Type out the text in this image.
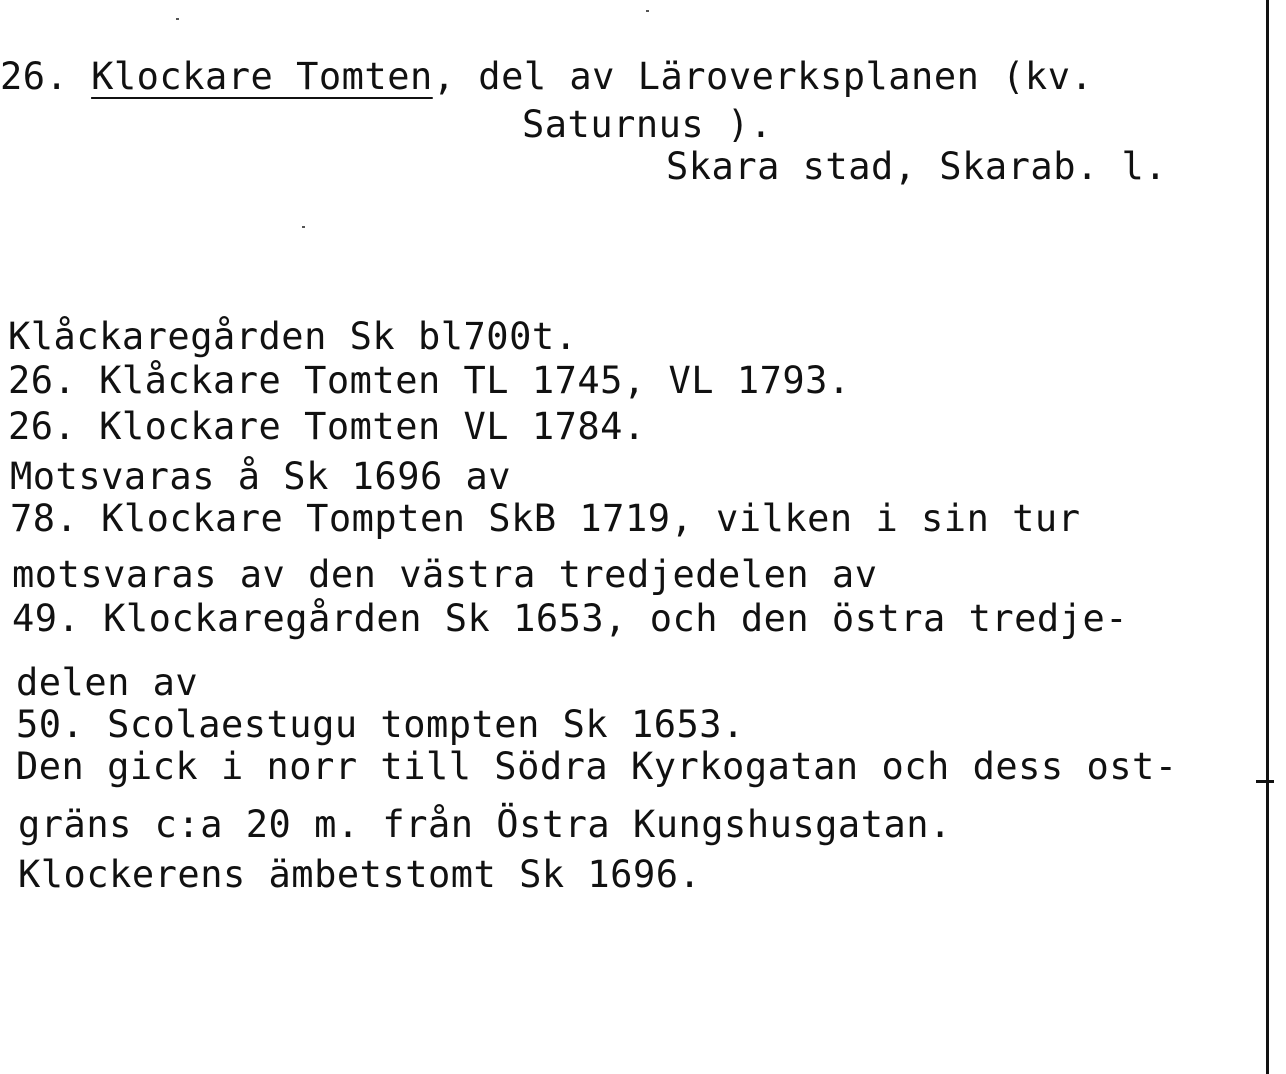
26. Klockare Tomten, del av Läroverksplanen (kv.
Saturnus ).
Skara stad, Skarab. l.
Klåckaregården Sk bl700t.
26. Klåckare Tomten TL 1745, VL 1793.
26. Klockare Tomten VL 1784.
Motsvaras å Sk 1696 av
78. Klockare Tompten SkB 1719, vilken i sin tur
motsvaras av den västra tredjedelen av
49. Klockaregården Sk 1653, och den östra tredje-
delen av
50. Scolaestugu tompten Sk 1653.
Den gick i norr till Södra Kyrkogatan och dess ost-
gräns c:a 20 m. från Östra Kungshusgatan.
Klockerens ämbetstomt Sk 1696.
